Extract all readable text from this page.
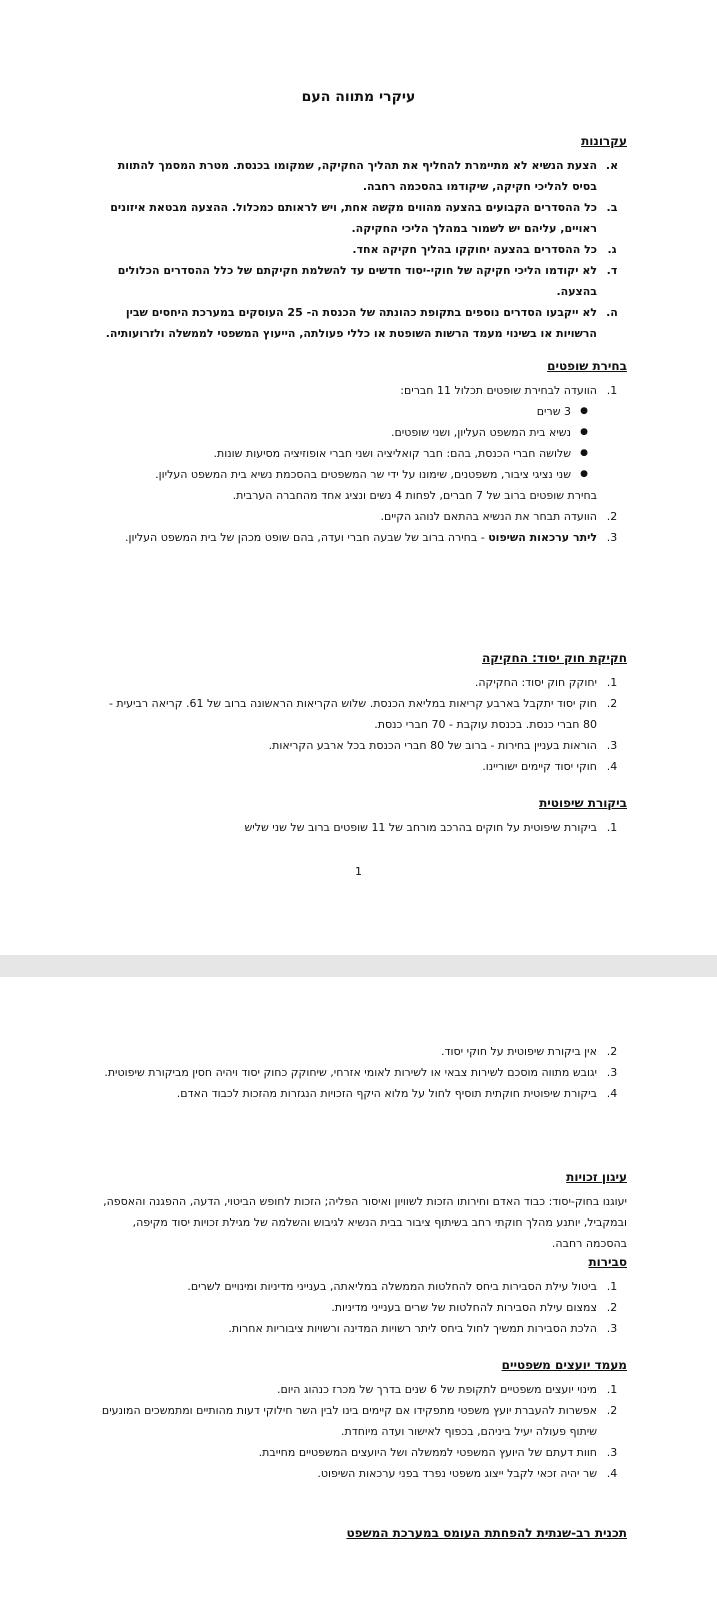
עיקרי מתווה העם
עקרונות
א.
הצעת הנשיא לא מתיימרת להחליף את תהליך החקיקה, שמקומו בכנסת. מטרת המסמך להתוות בסיס להליכי חקיקה, שיקודמו בהסכמה רחבה.
ב.
כל ההסדרים הקבועים בהצעה מהווים מקשה אחת, ויש לראותם כמכלול. ההצעה מבטאת איזונים ראויים, עליהם יש לשמור במהלך הליכי החקיקה.
ג.
כל ההסדרים בהצעה יחוקקו בהליך חקיקה אחד.
ד.
לא יקודמו הליכי חקיקה של חוקי-יסוד חדשים עד להשלמת חקיקתם של כלל ההסדרים הכלולים בהצעה.
ה.
לא ייקבעו הסדרים נוספים בתקופת כהונתה של הכנסת ה- 25 העוסקים במערכת היחסים שבין הרשויות או בשינוי מעמד הרשות השופטת או כללי פעולתה, הייעוץ המשפטי לממשלה ולזרועותיה.
בחירת שופטים
1.
הוועדה לבחירת שופטים תכלול 11 חברים:
●
3 שרים
●
נשיא בית המשפט העליון, ושני שופטים.
●
שלושה חברי הכנסת, בהם: חבר קואליציה ושני חברי אופוזיציה מסיעות שונות.
●
שני נציגי ציבור, משפטנים, שימונו על ידי שר המשפטים בהסכמת נשיא בית המשפט העליון.
בחירת שופטים ברוב של 7 חברים, לפחות 4 נשים ונציג אחד מהחברה הערבית.
2.
הוועדה תבחר את הנשיא בהתאם לנוהג הקיים.
3.
ליתר ערכאות השיפוט - בחירה ברוב של שבעה חברי ועדה, בהם שופט מכהן של בית המשפט העליון.
חקיקת חוק יסוד: החקיקה
1.
יחוקק חוק יסוד: החקיקה.
2.
חוק יסוד יתקבל בארבע קריאות במליאת הכנסת. שלוש הקריאות הראשונה ברוב של 61. קריאה רביעית - 80 חברי כנסת. בכנסת עוקבת - 70 חברי כנסת.
3.
הוראות בעניין בחירות - ברוב של 80 חברי הכנסת בכל ארבע הקריאות.
4.
חוקי יסוד קיימים ישוריינו.
ביקורת שיפוטית
1.
ביקורת שיפוטית על חוקים בהרכב מורחב של 11 שופטים ברוב של שני שליש
1
2.
אין ביקורת שיפוטית על חוקי יסוד.
3.
יגובש מתווה מוסכם לשירות צבאי או לשירות לאומי אזרחי, שיחוקק כחוק יסוד ויהיה חסין מביקורת שיפוטית.
4.
ביקורת שיפוטית חוקתית תוסיף לחול על מלוא היקף הזכויות הנגזרות מהזכות לכבוד האדם.
עיגון זכויות
יעוגנו בחוק-יסוד: כבוד האדם וחירותו הזכות לשוויון ואיסור הפליה; הזכות לחופש הביטוי, הדעה, ההפגנה והאספה, ובמקביל, יותנע מהלך חוקתי רחב בשיתוף ציבור בבית הנשיא לגיבוש והשלמה של מגילת זכויות יסוד מקיפה, בהסכמה רחבה.
סבירות
1.
ביטול עילת הסבירות ביחס להחלטות הממשלה במליאתה, בענייני מדיניות ומינויים לשרים.
2.
צמצום עילת הסבירות להחלטות של שרים בענייני מדיניות.
3.
הלכת הסבירות תמשיך לחול ביחס ליתר רשויות המדינה ורשויות ציבוריות אחרות.
מעמד יועצים משפטיים
1.
מינוי יועצים משפטיים לתקופת של 6 שנים בדרך של מכרז כנהוג היום.
2.
אפשרות להעברת יועץ משפטי מתפקידו אם קיימים בינו לבין השר חילוקי דעות מהותיים ומתמשכים המונעים שיתוף פעולה יעיל ביניהם, בכפוף לאישור ועדה מיוחדת.
3.
חוות דעתם של היועץ המשפטי לממשלה ושל היועצים המשפטיים מחייבת.
4.
שר יהיה זכאי לקבל ייצוג משפטי נפרד בפני ערכאות השיפוט.
תכנית רב-שנתית להפחתת העומס במערכת המשפט
